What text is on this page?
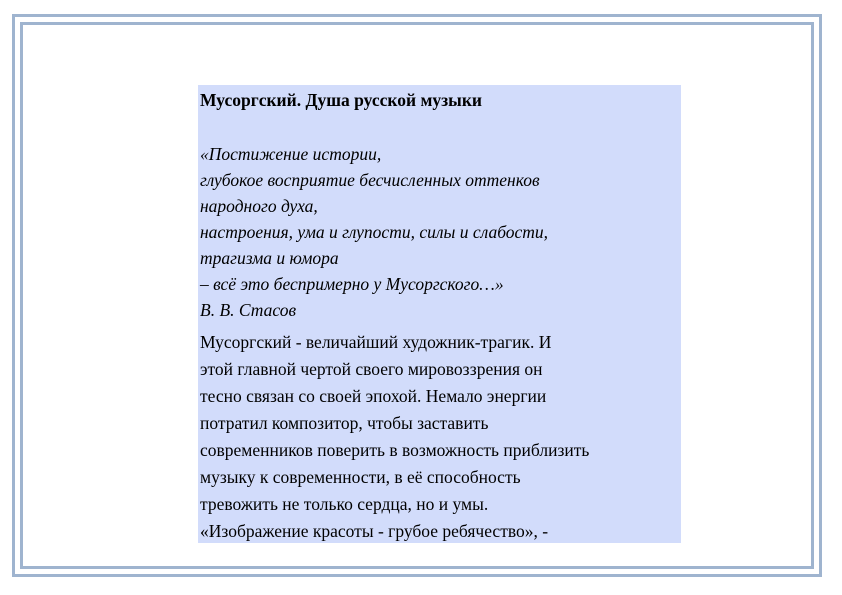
Мусоргский. Душа русской музыки
«Постижение истории,
глубокое восприятие бесчисленных оттенков
народного духа,
настроения, ума и глупости, силы и слабости,
трагизма и юмора
– всё это беспримерно у Мусоргского…»
В. В. Стасов
Мусоргский - величайший художник-трагик. И
этой главной чертой своего мировоззрения он
тесно связан со своей эпохой. Немало энергии
потратил композитор, чтобы заставить
современников поверить в возможность приблизить
музыку к современности, в её способность
тревожить не только сердца, но и умы.
«Изображение красоты - грубое ребячество», -
